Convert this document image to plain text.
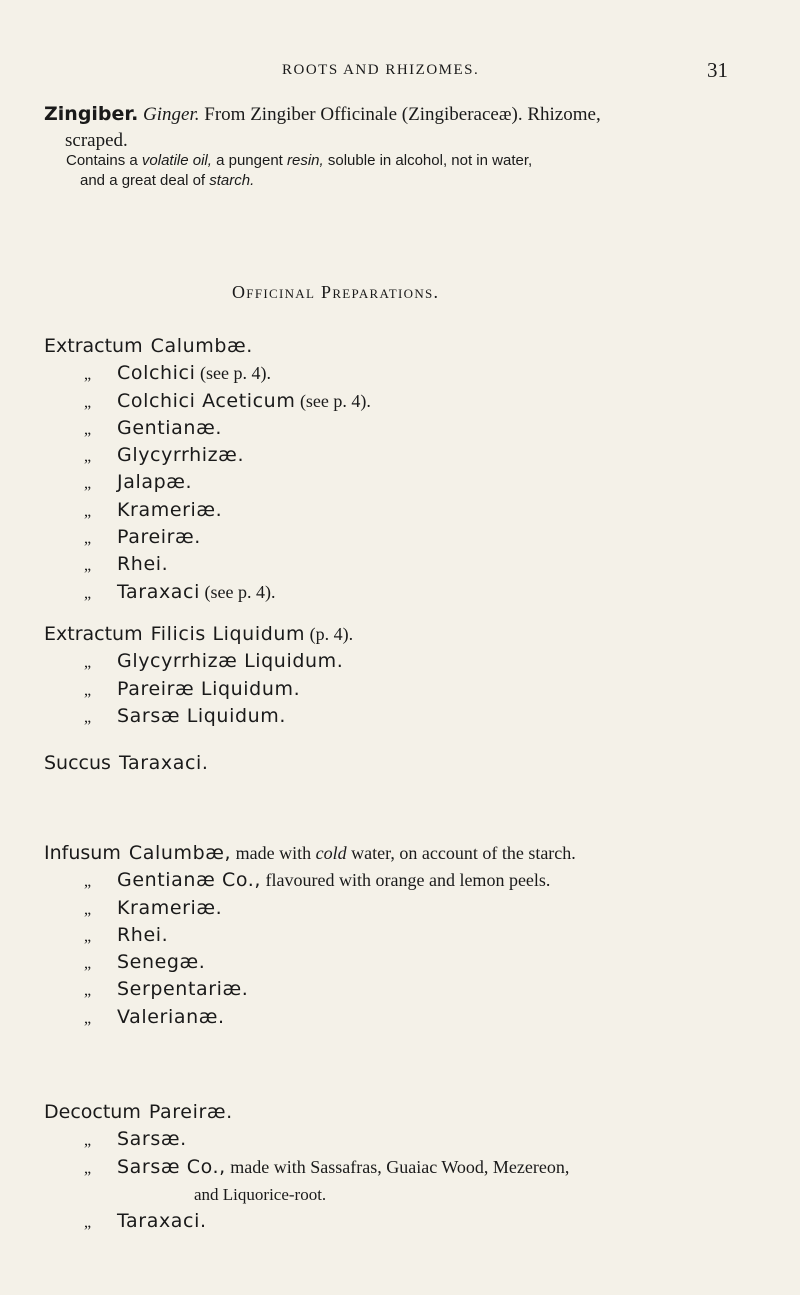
ROOTS AND RHIZOMES.	31
Zingiber. Ginger. From Zingiber Officinale (Zingiberaceæ). Rhizome,
scraped.
Contains a volatile oil, a pungent resin, soluble in alcohol, not in water,
and a great deal of starch.
Officinal Preparations.
Extractum Calumbæ.
„ Colchici (see p. 4).
„ Colchici Aceticum (see p. 4).
„ Gentianæ.
„ Glycyrrhizæ.
„ Jalapæ.
„ Krameriæ.
„ Pareiræ.
„ Rhei.
„ Taraxaci (see p. 4).
Extractum Filicis Liquidum (p. 4).
„ Glycyrrhizæ Liquidum.
„ Pareiræ Liquidum.
„ Sarsæ Liquidum.
Succus Taraxaci.
Infusum Calumbæ, made with cold water, on account of the starch.
„ Gentianæ Co., flavoured with orange and lemon peels.
„ Krameriæ.
„ Rhei.
„ Senegæ.
„ Serpentariæ.
„ Valerianæ.
Decoctum Pareiræ.
„ Sarsæ.
„ Sarsæ Co., made with Sassafras, Guaiac Wood, Mezereon,
and Liquorice-root.
„ Taraxaci.
